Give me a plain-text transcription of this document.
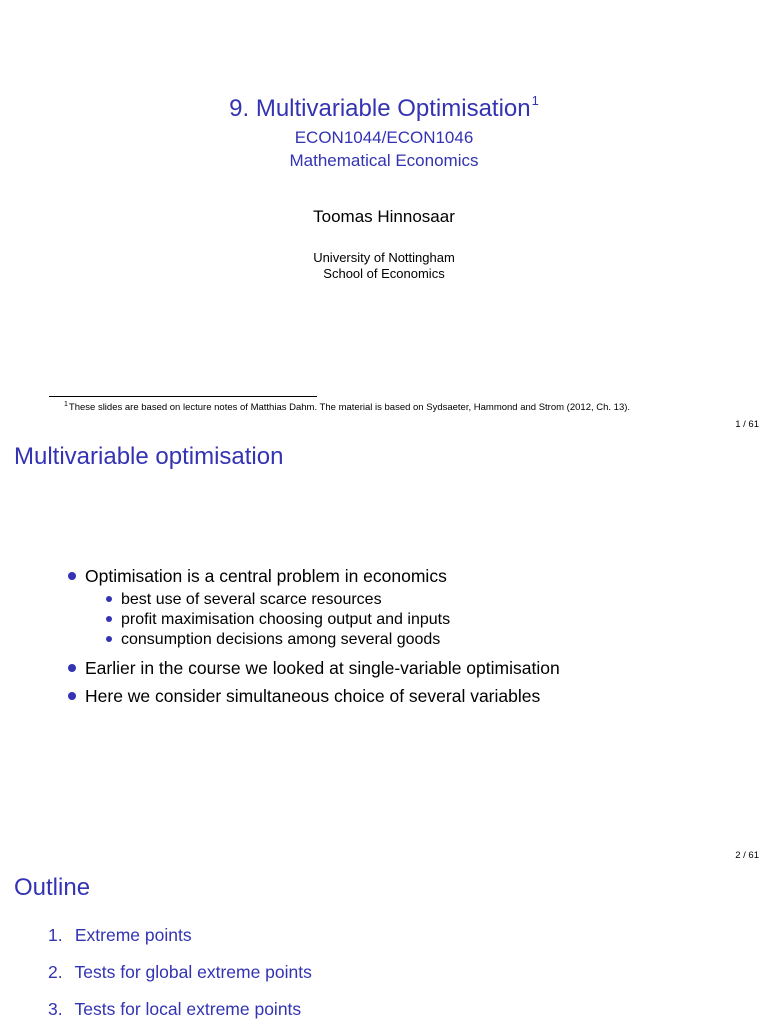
9. Multivariable Optimisation$^1$
ECON1044/ECON1046
Mathematical Economics
Toomas Hinnosaar
University of Nottingham
School of Economics
$^1$These slides are based on lecture notes of Matthias Dahm. The material is based on Sydsaeter, Hammond and Strom (2012, Ch. 13).
1 / 61
Multivariable optimisation
Optimisation is a central problem in economics
best use of several scarce resources
profit maximisation choosing output and inputs
consumption decisions among several goods
Earlier in the course we looked at single-variable optimisation
Here we consider simultaneous choice of several variables
2 / 61
Outline
1. Extreme points
2. Tests for global extreme points
3. Tests for local extreme points
